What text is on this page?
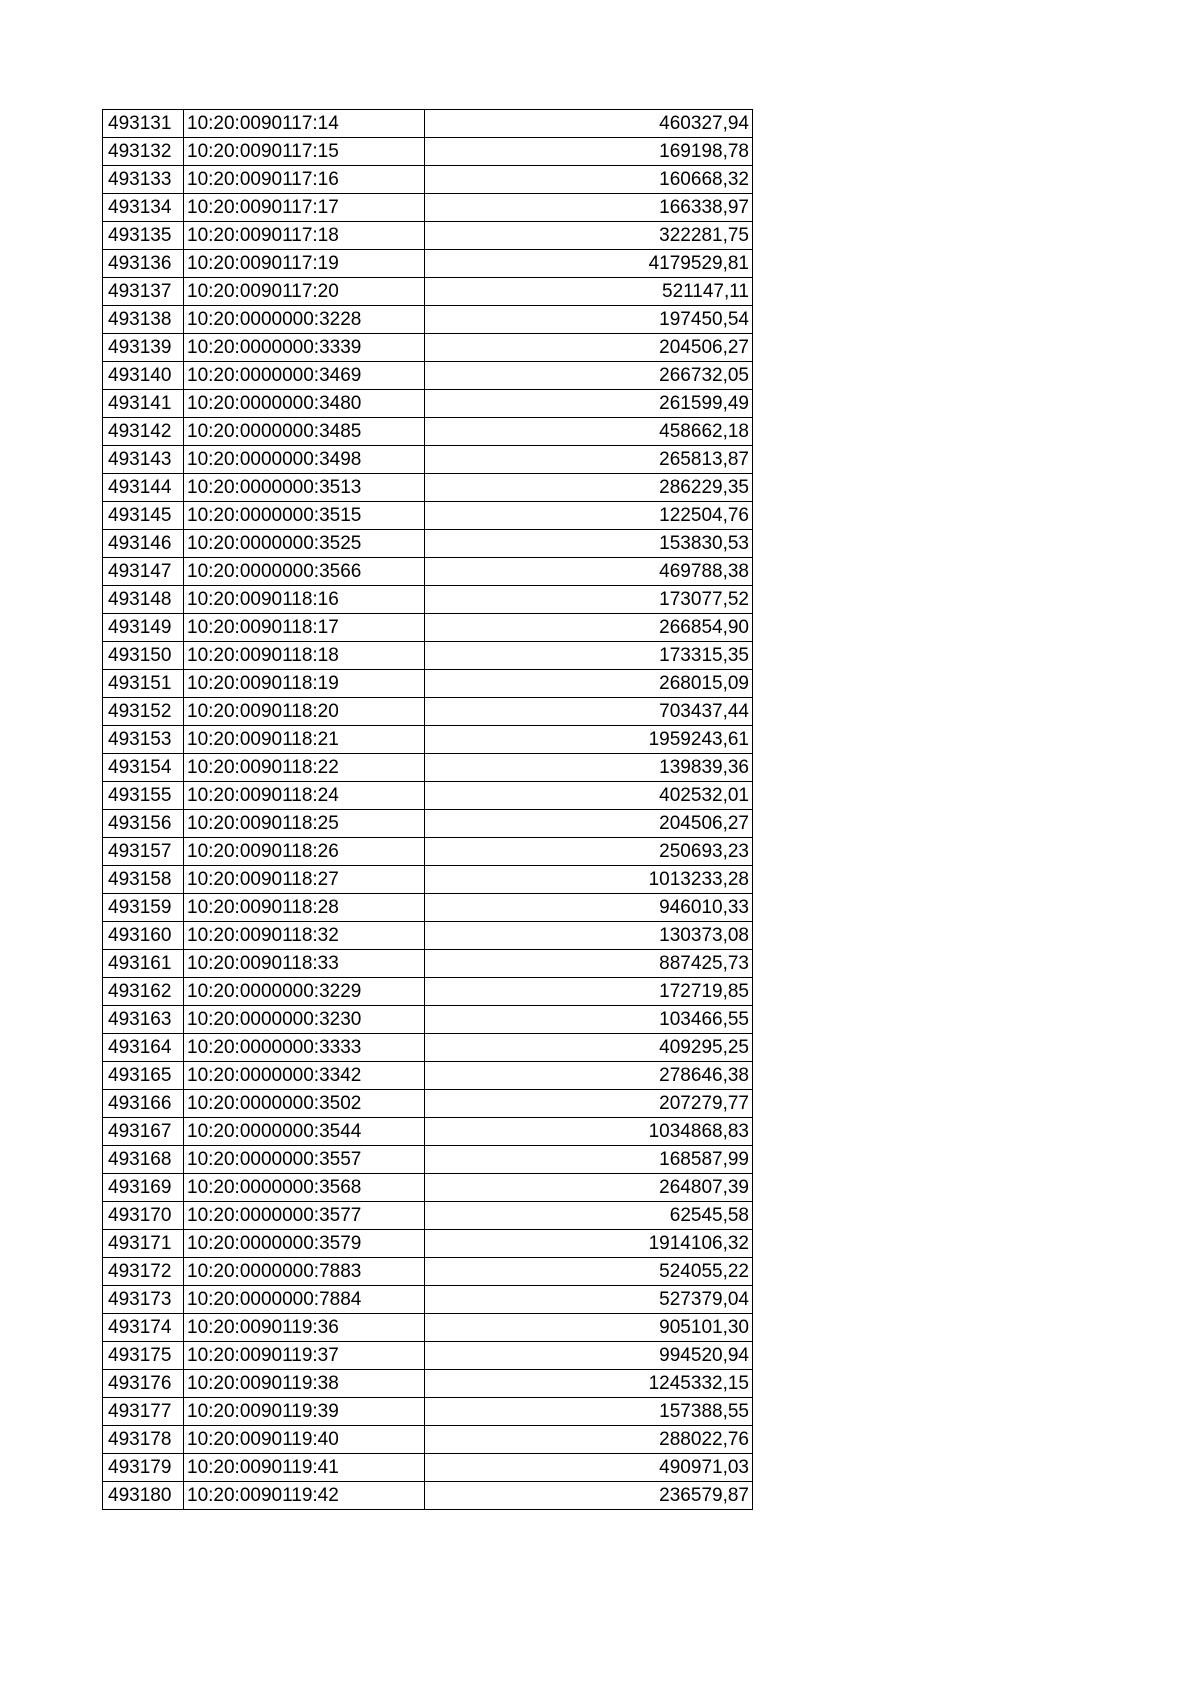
493131	10:20:0090117:14	460327,94
493132	10:20:0090117:15	169198,78
493133	10:20:0090117:16	160668,32
493134	10:20:0090117:17	166338,97
493135	10:20:0090117:18	322281,75
493136	10:20:0090117:19	4179529,81
493137	10:20:0090117:20	521147,11
493138	10:20:0000000:3228	197450,54
493139	10:20:0000000:3339	204506,27
493140	10:20:0000000:3469	266732,05
493141	10:20:0000000:3480	261599,49
493142	10:20:0000000:3485	458662,18
493143	10:20:0000000:3498	265813,87
493144	10:20:0000000:3513	286229,35
493145	10:20:0000000:3515	122504,76
493146	10:20:0000000:3525	153830,53
493147	10:20:0000000:3566	469788,38
493148	10:20:0090118:16	173077,52
493149	10:20:0090118:17	266854,90
493150	10:20:0090118:18	173315,35
493151	10:20:0090118:19	268015,09
493152	10:20:0090118:20	703437,44
493153	10:20:0090118:21	1959243,61
493154	10:20:0090118:22	139839,36
493155	10:20:0090118:24	402532,01
493156	10:20:0090118:25	204506,27
493157	10:20:0090118:26	250693,23
493158	10:20:0090118:27	1013233,28
493159	10:20:0090118:28	946010,33
493160	10:20:0090118:32	130373,08
493161	10:20:0090118:33	887425,73
493162	10:20:0000000:3229	172719,85
493163	10:20:0000000:3230	103466,55
493164	10:20:0000000:3333	409295,25
493165	10:20:0000000:3342	278646,38
493166	10:20:0000000:3502	207279,77
493167	10:20:0000000:3544	1034868,83
493168	10:20:0000000:3557	168587,99
493169	10:20:0000000:3568	264807,39
493170	10:20:0000000:3577	62545,58
493171	10:20:0000000:3579	1914106,32
493172	10:20:0000000:7883	524055,22
493173	10:20:0000000:7884	527379,04
493174	10:20:0090119:36	905101,30
493175	10:20:0090119:37	994520,94
493176	10:20:0090119:38	1245332,15
493177	10:20:0090119:39	157388,55
493178	10:20:0090119:40	288022,76
493179	10:20:0090119:41	490971,03
493180	10:20:0090119:42	236579,87
